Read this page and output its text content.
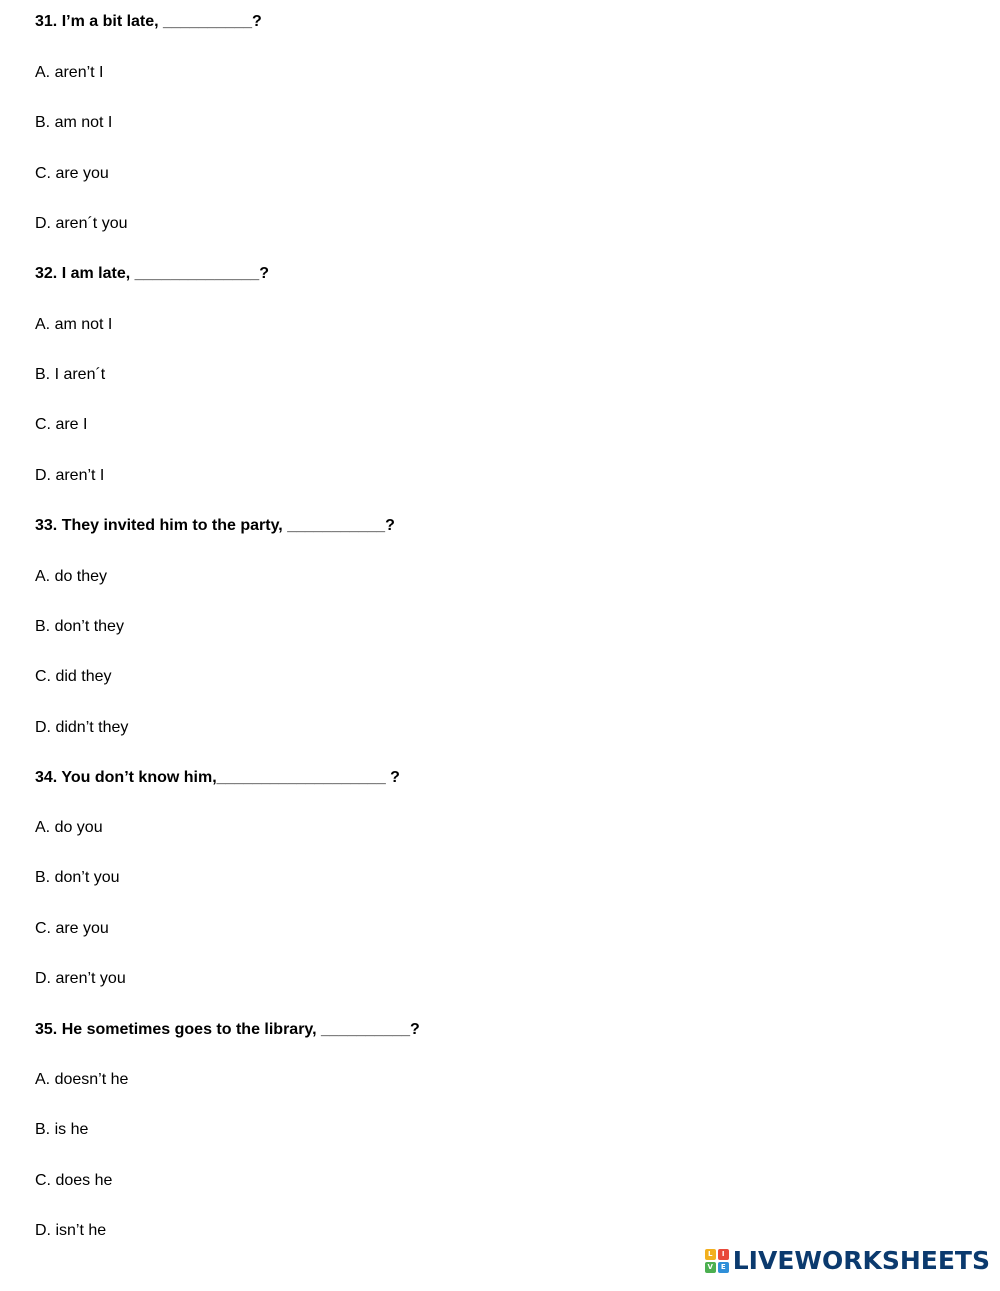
31. I’m a bit late, __________?
A. aren’t I
B. am not I
C. are you
D. aren´t you
32. I am late, ______________?
A. am not I
B. I aren´t
C. are I
D. aren’t I
33. They invited him to the party, ___________?
A. do they
B. don’t they
C. did they
D. didn’t they
34. You don’t know him,___________________ ?
A. do you
B. don’t you
C. are you
D. aren’t you
35. He sometimes goes to the library, __________?
A. doesn’t he
B. is he
C. does he
D. isn’t he
L	I
V	E LIVEWORKSHEETS
